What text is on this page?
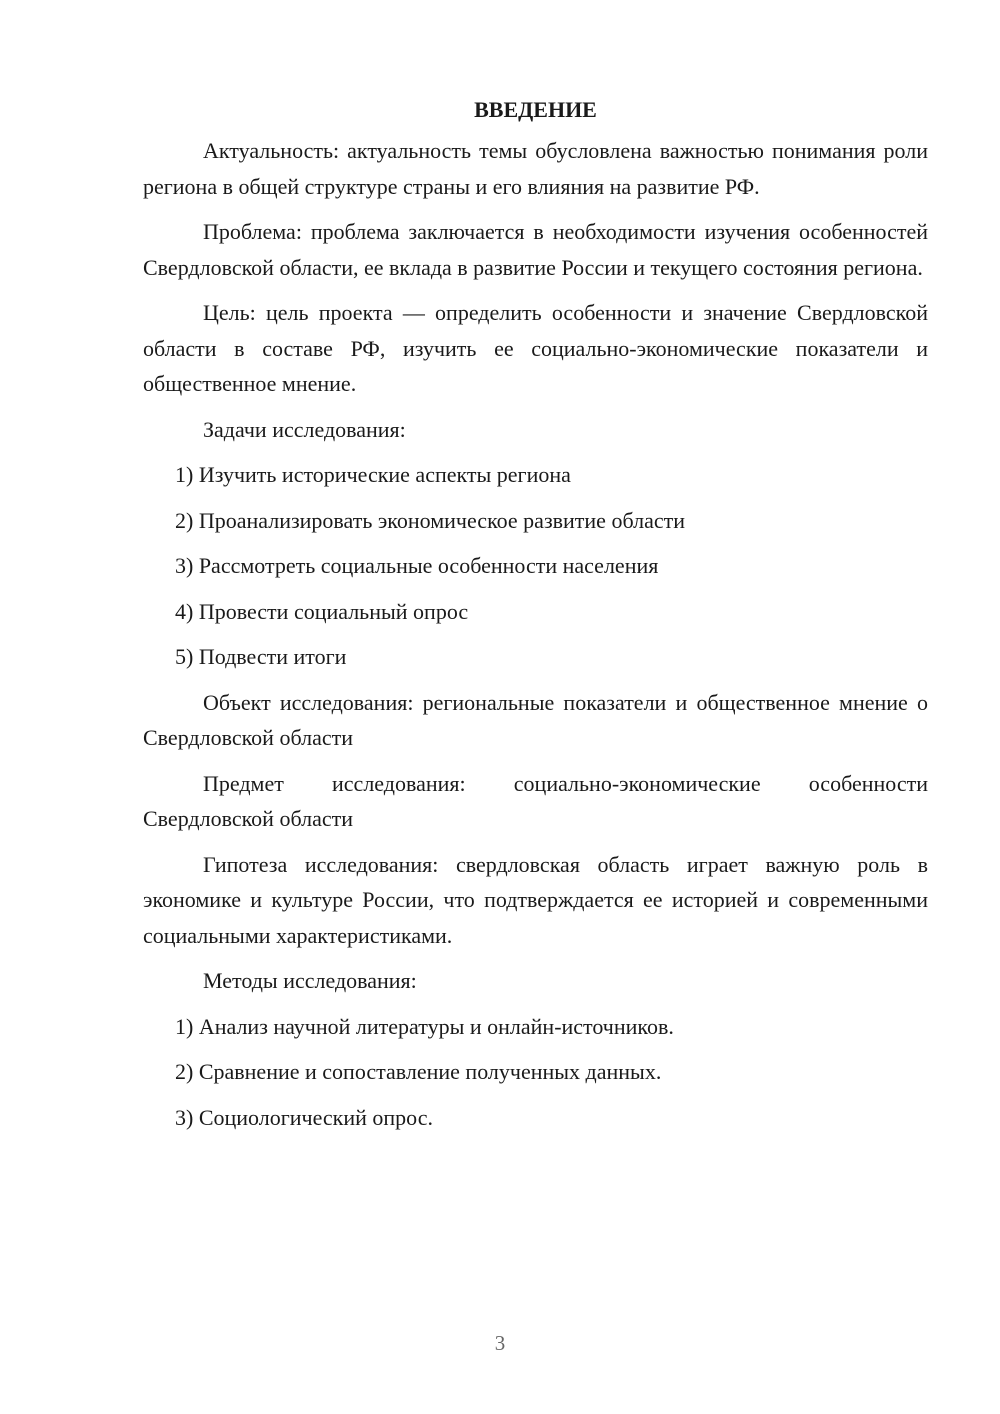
ВВЕДЕНИЕ
Актуальность: актуальность темы обусловлена важностью понимания роли региона в общей структуре страны и его влияния на развитие РФ.
Проблема: проблема заключается в необходимости изучения особенностей Свердловской области, ее вклада в развитие России и текущего состояния региона.
Цель: цель проекта — определить особенности и значение Свердловской области в составе РФ, изучить ее социально-экономические показатели и общественное мнение.
Задачи исследования:
1) Изучить исторические аспекты региона
2) Проанализировать экономическое развитие области
3) Рассмотреть социальные особенности населения
4) Провести социальный опрос
5) Подвести итоги
Объект исследования: региональные показатели и общественное мнение о Свердловской области
Предмет исследования: социально-экономические особенности Свердловской области
Гипотеза исследования: свердловская область играет важную роль в экономике и культуре России, что подтверждается ее историей и современными социальными характеристиками.
Методы исследования:
1) Анализ научной литературы и онлайн-источников.
2) Сравнение и сопоставление полученных данных.
3) Социологический опрос.
3
